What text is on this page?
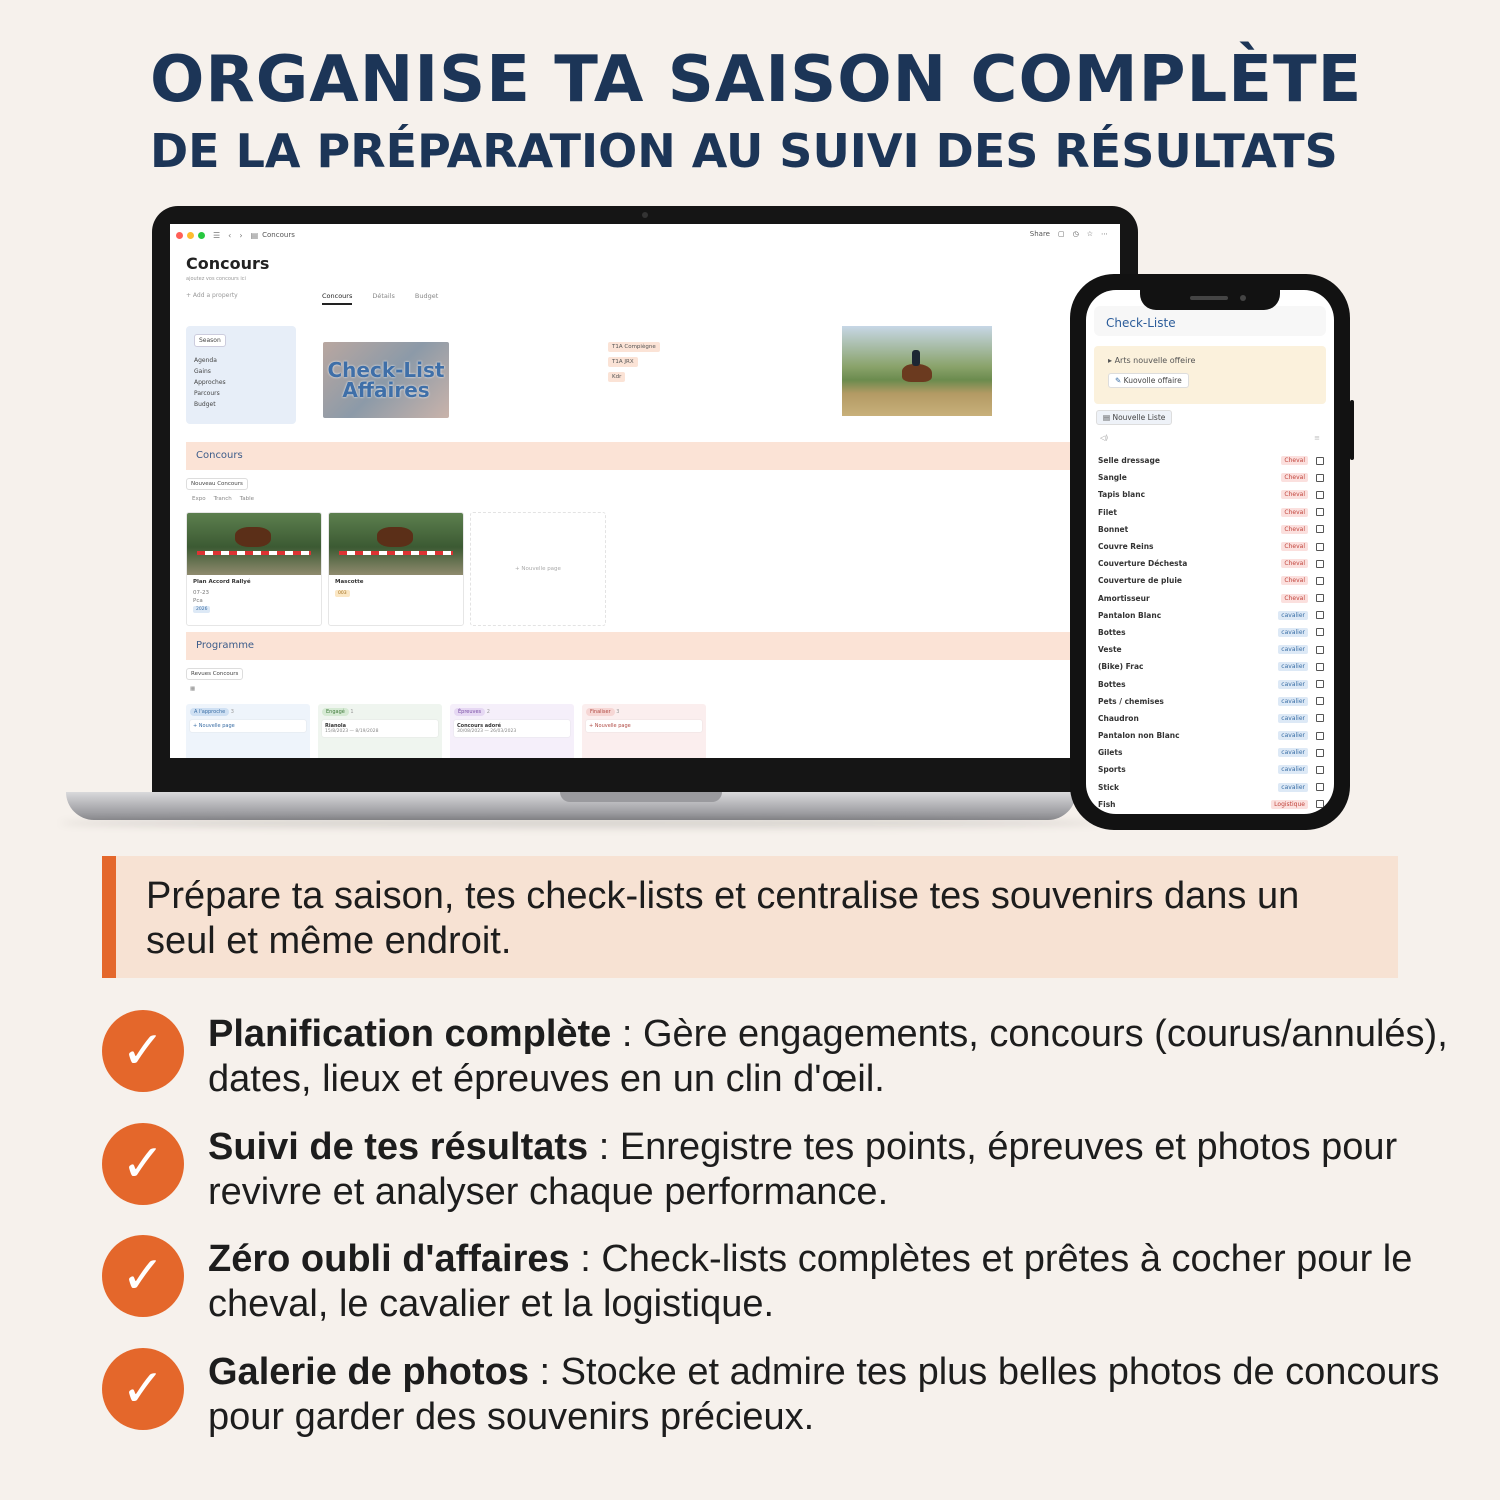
ORGANISE TA SAISON COMPLÈTE
DE LA PRÉPARATION AU SUIVI DES RÉSULTATS
☰ ‹ › ▤ Concours	Share ▢ ◷ ☆ ⋯
Concours
ajoutez vos concours ici
+ Add a property	Concours	Détails	Budget
Season
Agenda
Gains
Approches
Parcours
Budget
Check-List
Affaires
T1A Compiègne
T1A JRX
Kdr
Concours
Nouveau Concours
Expo Tranch Table
Plan Accord Rallyé
07-23
Pca
2026
Mascotte
003
+ Nouvelle page
Programme
Revues Concours
▦
A l'approche 3
+ Nouvelle page
Engagé 1
Rianola
15/8/2023 — 8/19/2028
Épreuves 2
Concours adoré
30/08/2023 — 26/03/2023
Finaliser 3
+ Nouvelle page
Check-Liste
▸ Arts nouvelle offeire
✎ Kuovolle offaire
▤ Nouvelle Liste
◁)	≡
Selle dressage	Cheval
Sangle	Cheval
Tapis blanc	Cheval
Filet	Cheval
Bonnet	Cheval
Couvre Reins	Cheval
Couverture Déchesta	Cheval
Couverture de pluie	Cheval
Amortisseur	Cheval
Pantalon Blanc	cavalier
Bottes	cavalier
Veste	cavalier
(Bike) Frac	cavalier
Bottes	cavalier
Pets / chemises	cavalier
Chaudron	cavalier
Pantalon non Blanc	cavalier
Gilets	cavalier
Sports	cavalier
Stick	cavalier
Fish	Logistique
Prépare ta saison, tes check-lists et centralise tes souvenirs dans un seul et même endroit.
✓	Planification complète : Gère engagements, concours (courus/annulés), dates, lieux et épreuves en un clin d'œil.
✓	Suivi de tes résultats : Enregistre tes points, épreuves et photos pour revivre et analyser chaque performance.
✓	Zéro oubli d'affaires : Check-lists complètes et prêtes à cocher pour le cheval, le cavalier et la logistique.
✓	Galerie de photos : Stocke et admire tes plus belles photos de concours pour garder des souvenirs précieux.
